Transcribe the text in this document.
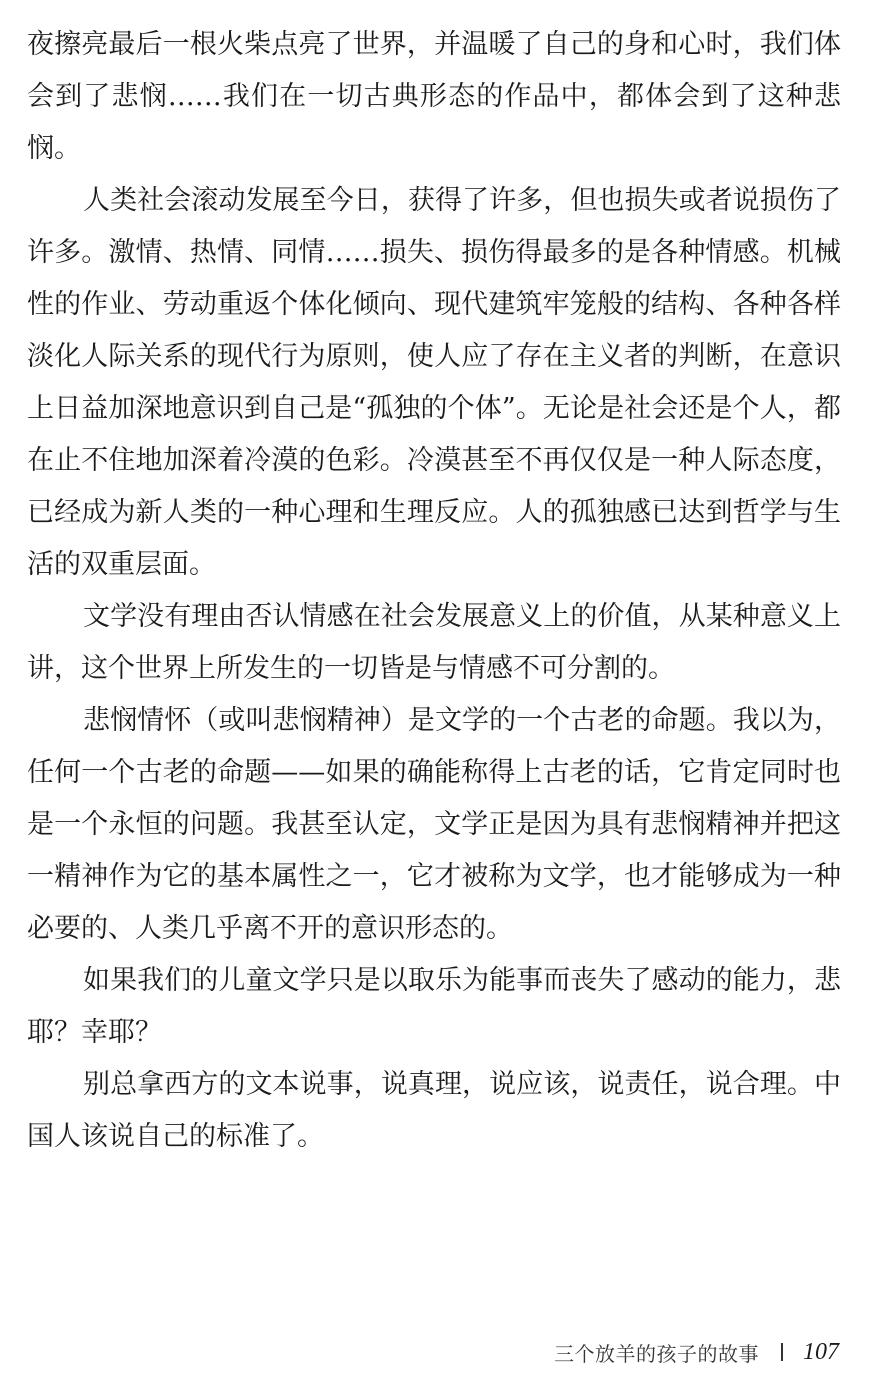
夜擦亮最后一根火柴点亮了世界，并温暖了自己的身和心时，我们体会到了悲悯……我们在一切古典形态的作品中，都体会到了这种悲悯。

人类社会滚动发展至今日，获得了许多，但也损失或者说损伤了许多。激情、热情、同情……损失、损伤得最多的是各种情感。机械性的作业、劳动重返个体化倾向、现代建筑牢笼般的结构、各种各样淡化人际关系的现代行为原则，使人应了存在主义者的判断，在意识上日益加深地意识到自己是“孤独的个体”。无论是社会还是个人，都在止不住地加深着冷漠的色彩。冷漠甚至不再仅仅是一种人际态度，已经成为新人类的一种心理和生理反应。人的孤独感已达到哲学与生活的双重层面。

文学没有理由否认情感在社会发展意义上的价值，从某种意义上讲，这个世界上所发生的一切皆是与情感不可分割的。

悲悯情怀（或叫悲悯精神）是文学的一个古老的命题。我以为，任何一个古老的命题——如果的确能称得上古老的话，它肯定同时也是一个永恒的问题。我甚至认定，文学正是因为具有悲悯精神并把这一精神作为它的基本属性之一，它才被称为文学，也才能够成为一种必要的、人类几乎离不开的意识形态的。

如果我们的儿童文学只是以取乐为能事而丧失了感动的能力，悲耶？幸耶？

别总拿西方的文本说事，说真理，说应该，说责任，说合理。中国人该说自己的标准了。

三个放羊的孩子的故事 107
